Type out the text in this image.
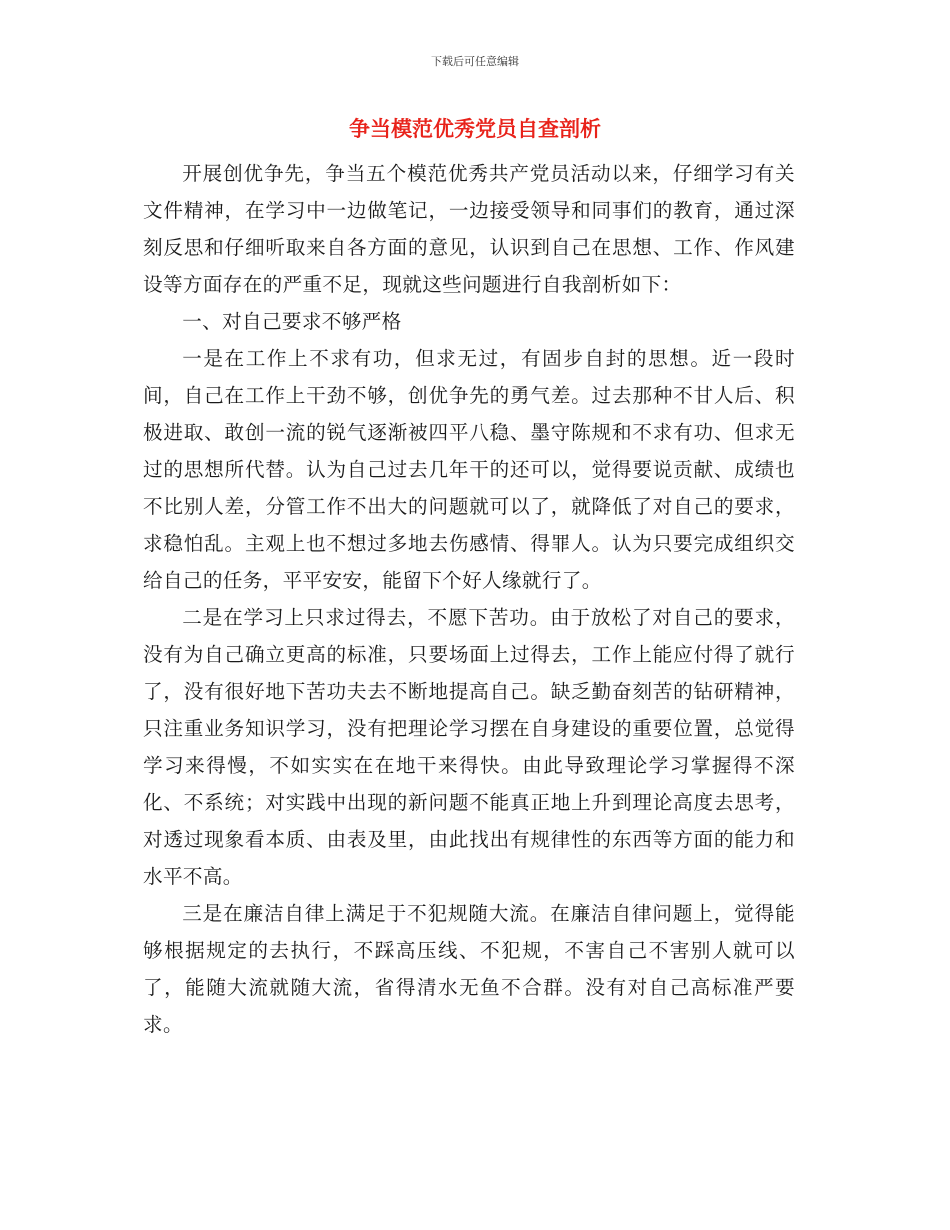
下载后可任意编辑
争当模范优秀党员自查剖析

开展创优争先，争当五个模范优秀共产党员活动以来，仔细学习有关文件精神，在学习中一边做笔记，一边接受领导和同事们的教育，通过深刻反思和仔细听取来自各方面的意见，认识到自己在思想、工作、作风建设等方面存在的严重不足，现就这些问题进行自我剖析如下：

一、对自己要求不够严格

一是在工作上不求有功，但求无过，有固步自封的思想。近一段时间，自己在工作上干劲不够，创优争先的勇气差。过去那种不甘人后、积极进取、敢创一流的锐气逐渐被四平八稳、墨守陈规和不求有功、但求无过的思想所代替。认为自己过去几年干的还可以，觉得要说贡献、成绩也不比别人差，分管工作不出大的问题就可以了，就降低了对自己的要求，求稳怕乱。主观上也不想过多地去伤感情、得罪人。认为只要完成组织交给自己的任务，平平安安，能留下个好人缘就行了。

二是在学习上只求过得去，不愿下苦功。由于放松了对自己的要求，没有为自己确立更高的标准，只要场面上过得去，工作上能应付得了就行了，没有很好地下苦功夫去不断地提高自己。缺乏勤奋刻苦的钻研精神，只注重业务知识学习，没有把理论学习摆在自身建设的重要位置，总觉得学习来得慢，不如实实在在地干来得快。由此导致理论学习掌握得不深化、不系统；对实践中出现的新问题不能真正地上升到理论高度去思考，对透过现象看本质、由表及里，由此找出有规律性的东西等方面的能力和水平不高。

三是在廉洁自律上满足于不犯规随大流。在廉洁自律问题上，觉得能够根据规定的去执行，不踩高压线、不犯规，不害自己不害别人就可以了，能随大流就随大流，省得清水无鱼不合群。没有对自己高标准严要求。
